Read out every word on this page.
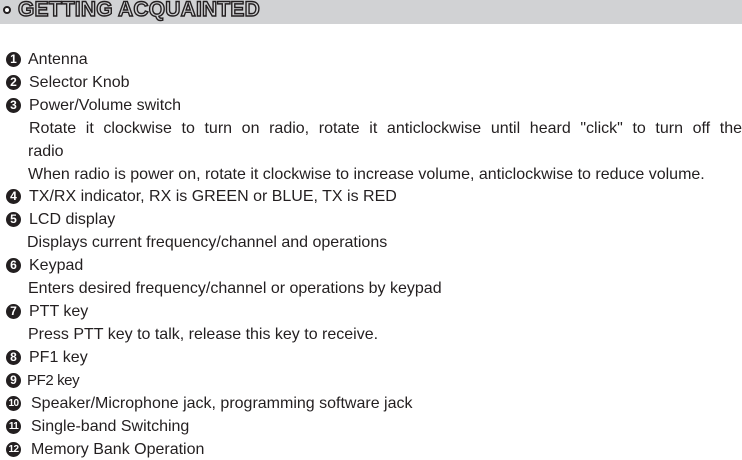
GETTING ACQUAINTED
1 Antenna
2 Selector Knob
3 Power/Volume switch
Rotate it clockwise to turn on radio, rotate it anticlockwise until heard "click" to turn off the
radio
When radio is power on, rotate it clockwise to increase volume, anticlockwise to reduce volume.
4 TX/RX indicator, RX is GREEN or BLUE, TX is RED
5 LCD display
Displays current frequency/channel and operations
6 Keypad
Enters desired frequency/channel or operations by keypad
7 PTT key
Press PTT key to talk, release this key to receive.
8 PF1 key
9 PF2 key
10 Speaker/Microphone jack, programming software jack
11 Single-band Switching
12 Memory Bank Operation
